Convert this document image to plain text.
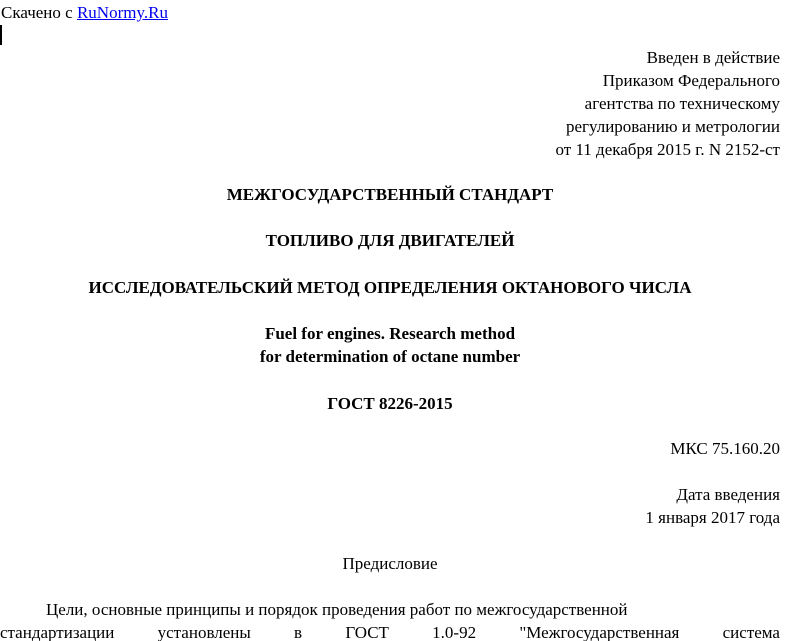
Скачено с RuNormy.Ru
Введен в действие
Приказом Федерального
агентства по техническому
регулированию и метрологии
от 11 декабря 2015 г. N 2152-ст
МЕЖГОСУДАРСТВЕННЫЙ СТАНДАРТ
ТОПЛИВО ДЛЯ ДВИГАТЕЛЕЙ
ИССЛЕДОВАТЕЛЬСКИЙ МЕТОД ОПРЕДЕЛЕНИЯ ОКТАНОВОГО ЧИСЛА
Fuel for engines. Research method
for determination of octane number
ГОСТ 8226-2015
МКС 75.160.20
Дата введения
1 января 2017 года
Предисловие
Цели, основные принципы и порядок проведения работ по межгосударственной
стандартизации	установлены	в	ГОСТ	1.0-92	"Межгосударственная	система
